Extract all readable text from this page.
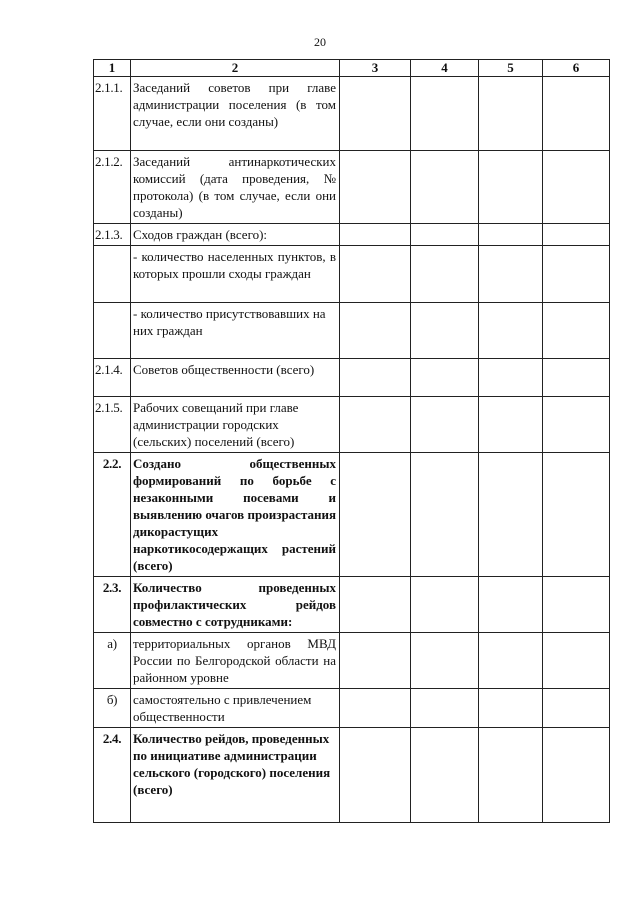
20
1	2	3	4	5	6
2.1.1.	Заседаний советов при главе администрации поселения (в том случае, если они созданы)				
2.1.2.	Заседаний антинаркотических комиссий (дата проведения, № протокола) (в том случае, если они созданы)				
2.1.3.	Сходов граждан (всего):				
	- количество населенных пунктов, в которых прошли сходы граждан				
	- количество присутствовавших на них граждан				
2.1.4.	Советов общественности (всего)				
2.1.5.	Рабочих совещаний при главе администрации городских (сельских) поселений (всего)				
2.2.	Создано общественных формирований по борьбе с незаконными посевами и выявлению очагов произрастания дикорастущих наркотикосодержащих растений (всего)				
2.3.	Количество проведенных профилактических рейдов совместно с сотрудниками:				
а)	территориальных органов МВД России по Белгородской области на районном уровне				
б)	самостоятельно с привлечением общественности				
2.4.	Количество рейдов, проведенных по инициативе администрации сельского (городского) поселения (всего)				
